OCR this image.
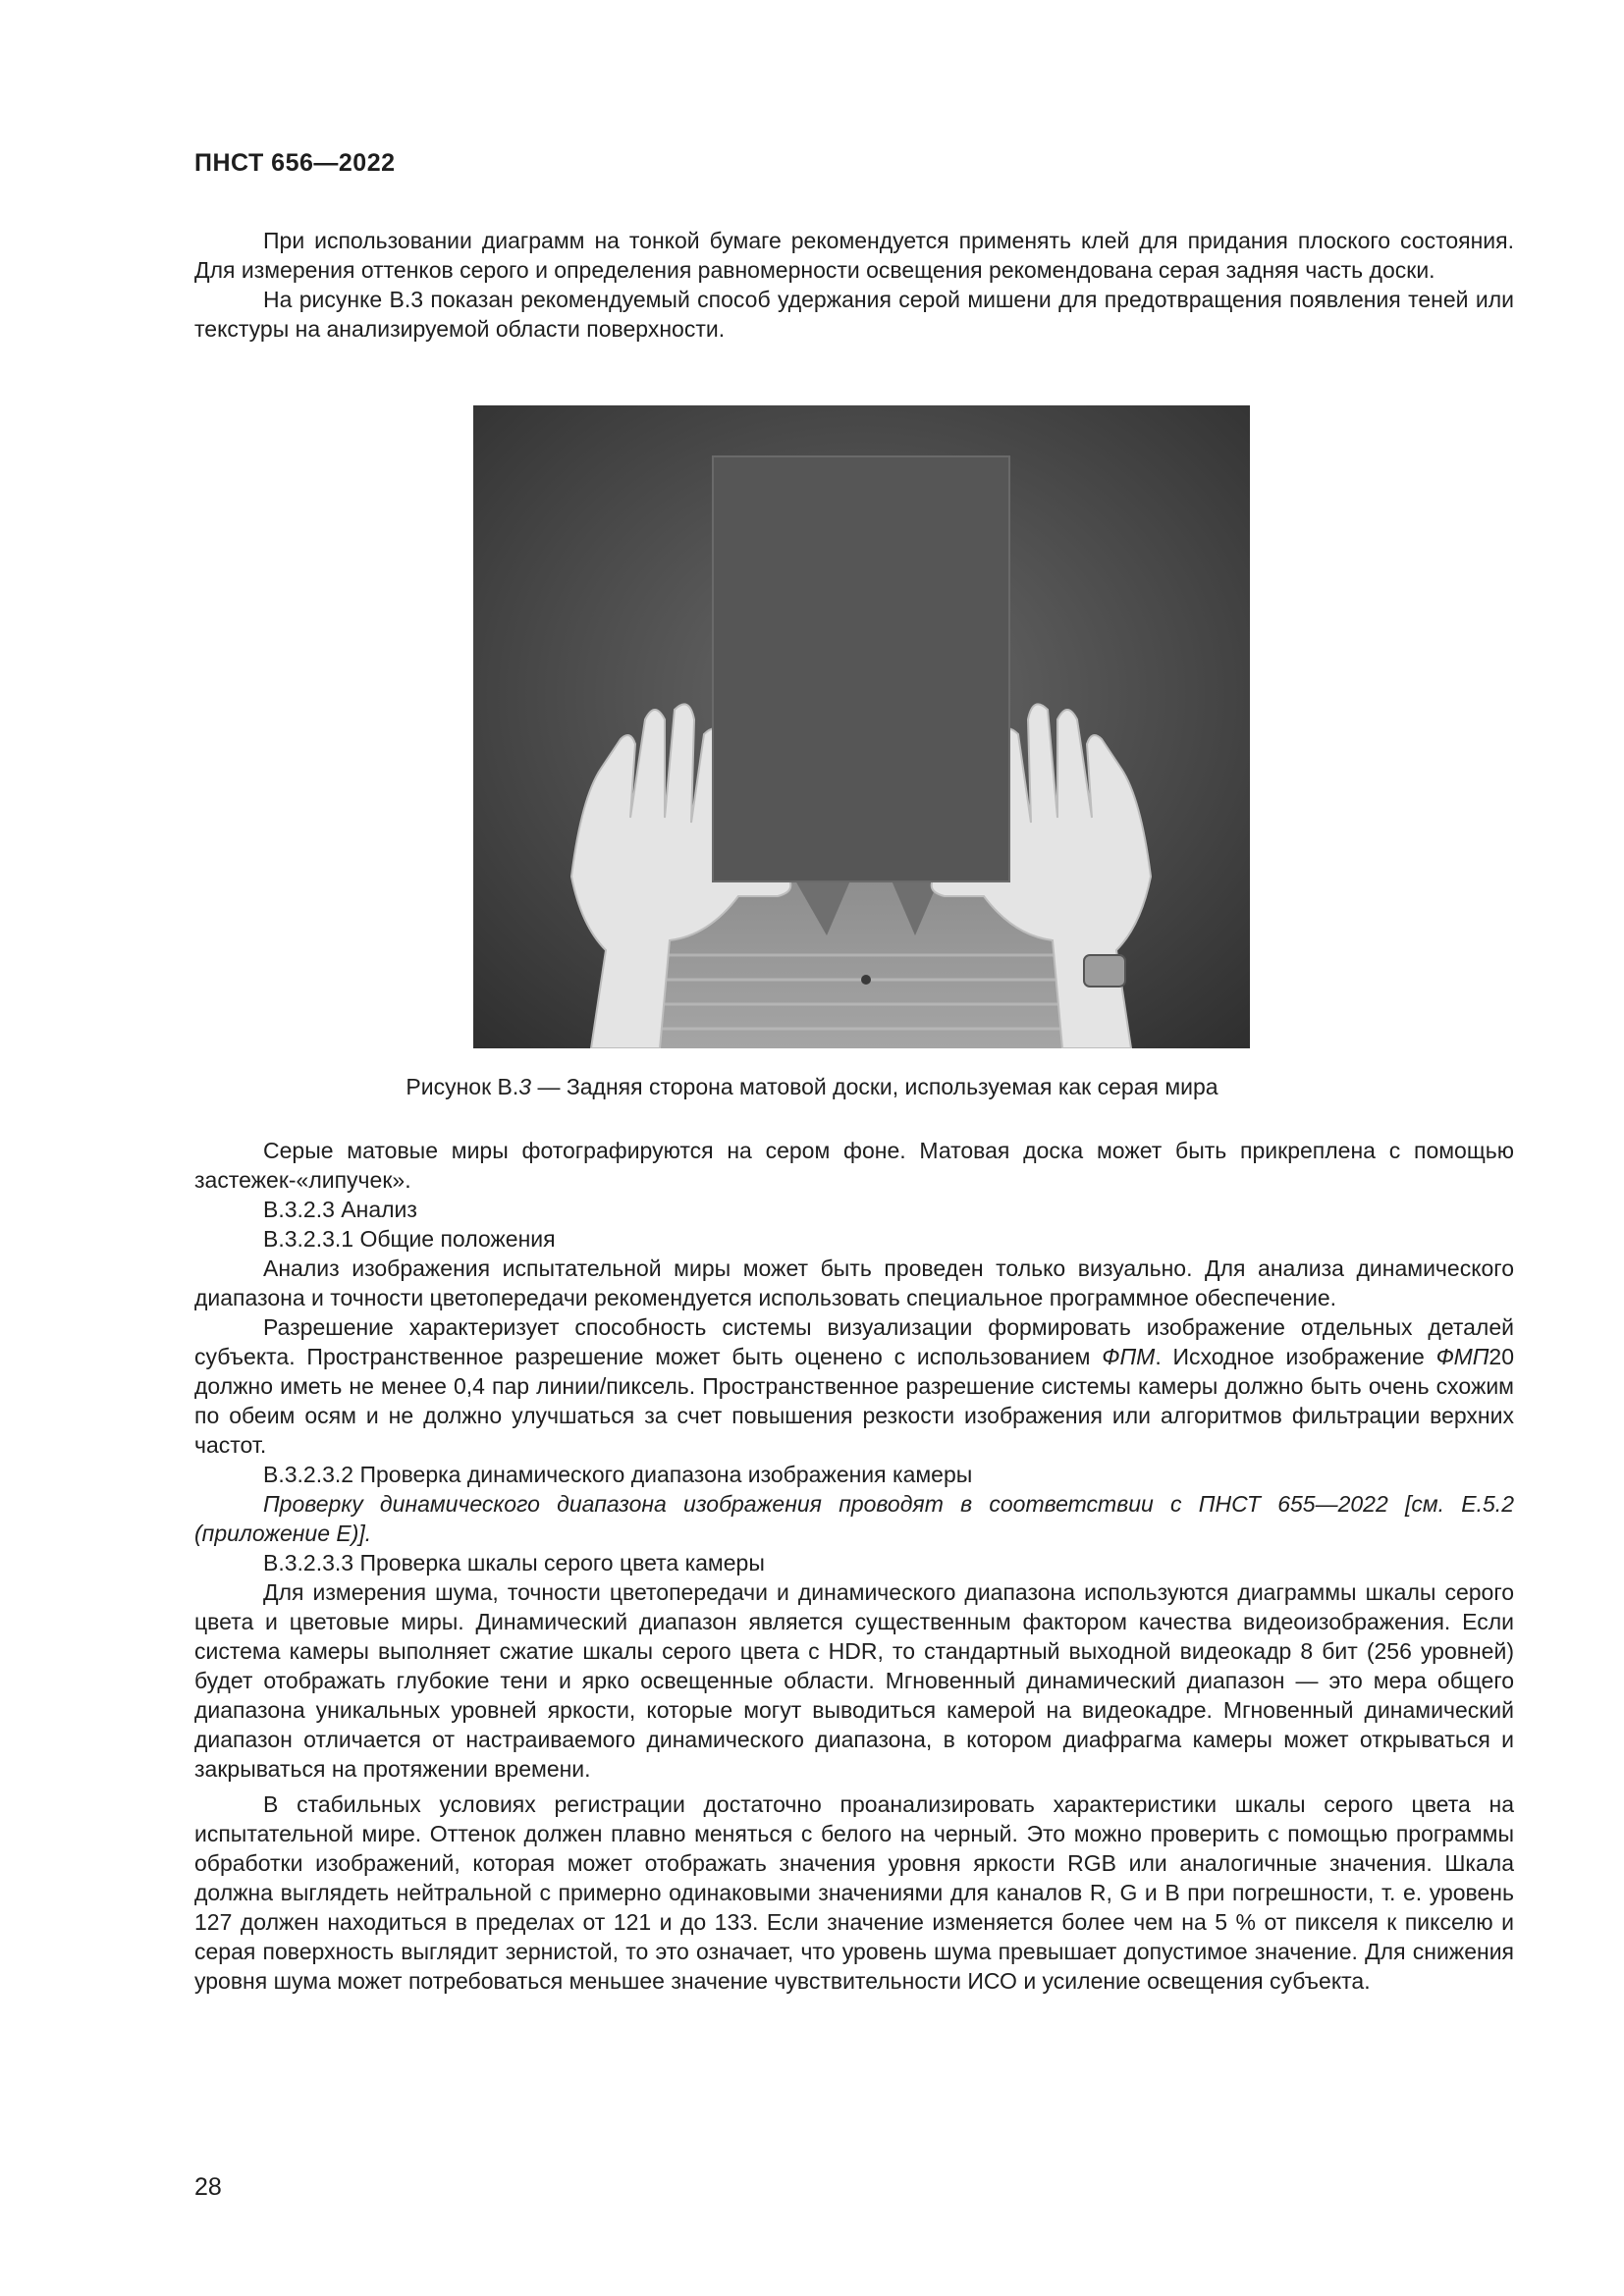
ПНСТ 656—2022

При использовании диаграмм на тонкой бумаге рекомендуется применять клей для придания плоского состояния. Для измерения оттенков серого и определения равномерности освещения рекомендована серая задняя часть доски.

На рисунке В.3 показан рекомендуемый способ удержания серой мишени для предотвращения появления теней или текстуры на анализируемой области поверхности.

Рисунок В.3 — Задняя сторона матовой доски, используемая как серая мира

Серые матовые миры фотографируются на сером фоне. Матовая доска может быть прикреплена с помощью застежек-«липучек».

В.3.2.3 Анализ

В.3.2.3.1 Общие положения

Анализ изображения испытательной миры может быть проведен только визуально. Для анализа динамического диапазона и точности цветопередачи рекомендуется использовать специальное программное обеспечение.

Разрешение характеризует способность системы визуализации формировать изображение отдельных деталей субъекта. Пространственное разрешение может быть оценено с использованием ФПМ. Исходное изображение ФМП20 должно иметь не менее 0,4 пар линии/пиксель. Пространственное разрешение системы камеры должно быть очень схожим по обеим осям и не должно улучшаться за счет повышения резкости изображения или алгоритмов фильтрации верхних частот.

В.3.2.3.2 Проверка динамического диапазона изображения камеры

Проверку динамического диапазона изображения проводят в соответствии с ПНСТ 655—2022 [см. Е.5.2 (приложение Е)].

В.3.2.3.3 Проверка шкалы серого цвета камеры

Для измерения шума, точности цветопередачи и динамического диапазона используются диаграммы шкалы серого цвета и цветовые миры. Динамический диапазон является существенным фактором качества видеоизображения. Если система камеры выполняет сжатие шкалы серого цвета с HDR, то стандартный выходной видеокадр 8 бит (256 уровней) будет отображать глубокие тени и ярко освещенные области. Мгновенный динамический диапазон — это мера общего диапазона уникальных уровней яркости, которые могут выводиться камерой на видеокадре. Мгновенный динамический диапазон отличается от настраиваемого динамического диапазона, в котором диафрагма камеры может открываться и закрываться на протяжении времени.

В стабильных условиях регистрации достаточно проанализировать характеристики шкалы серого цвета на испытательной мире. Оттенок должен плавно меняться с белого на черный. Это можно проверить с помощью программы обработки изображений, которая может отображать значения уровня яркости RGB или аналогичные значения. Шкала должна выглядеть нейтральной с примерно одинаковыми значениями для каналов R, G и B при погрешности, т. е. уровень 127 должен находиться в пределах от 121 и до 133. Если значение изменяется более чем на 5 % от пикселя к пикселю и серая поверхность выглядит зернистой, то это означает, что уровень шума превышает допустимое значение. Для снижения уровня шума может потребоваться меньшее значение чувствительности ИСО и усиление освещения субъекта.

28
